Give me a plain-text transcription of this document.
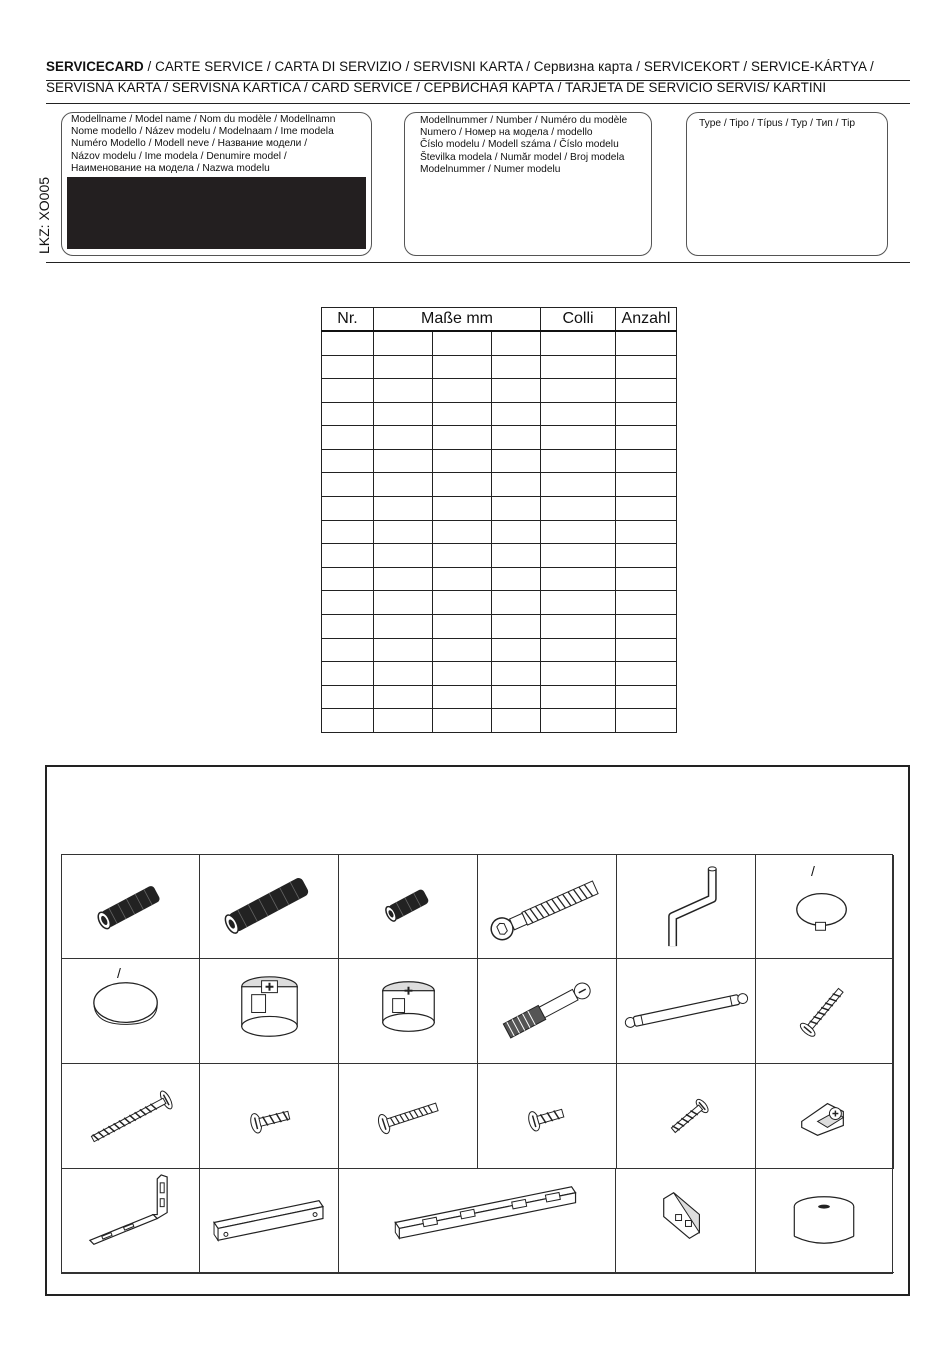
SERVICECARD / CARTE SERVICE / CARTA DI SERVIZIO / SERVISNI KARTA / Сервизна карта / SERVICEKORT / SERVICE-KÁRTYA /
SERVISNÁ KARTA / SERVISNA KARTICA / CARD SERVICE / СЕРВИСНАЯ КАРТА / TARJETA DE SERVICIO SERVIS/ KARTINI
LKZ: XO005
Modellname / Model name / Nom du modèle / Modellnamn
Nome modello / Název modelu / Modelnaam / Ime modela
Numéro Modello / Modell neve / Название модели /
Názov modelu / Ime modela / Denumire model /
Наименование на модела / Nazwa modelu
Modellnummer / Number / Numéro du modèle
Numero / Номер на модела / modello
Číslo modelu / Modell száma / Číslo modelu
Številka modela / Număr model / Broj modela
Modelnummer / Numer modelu
Type / Tipo / Típus / Typ / Тип / Tip
Nr.	Maße mm			Colli	Anzahl

/
/
